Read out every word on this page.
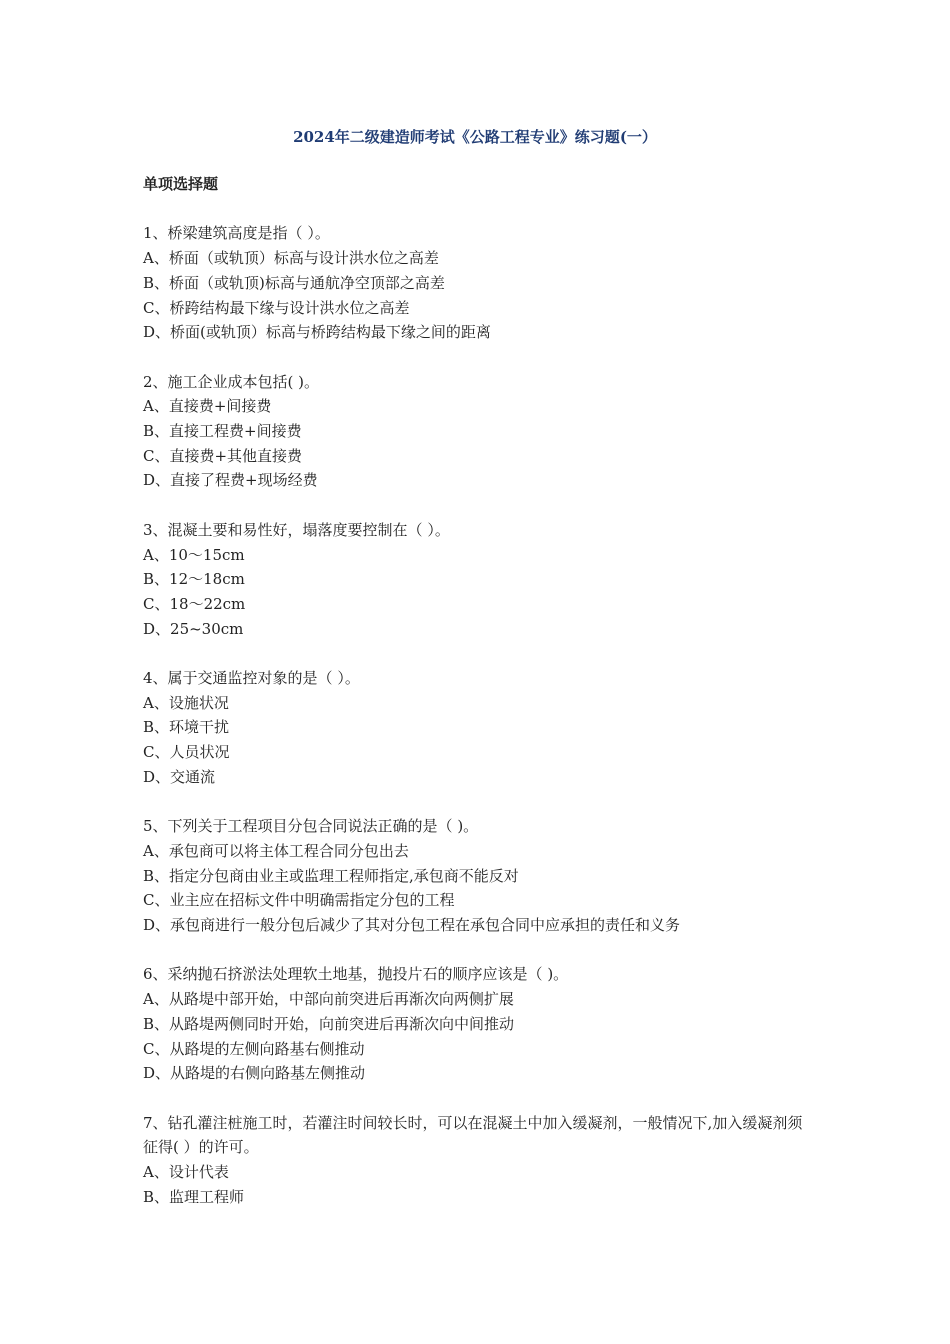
2024年二级建造师考试《公路工程专业》练习题(一）
单项选择题
1、桥梁建筑高度是指（ ）。
A、桥面（或轨顶）标高与设计洪水位之高差
B、桥面（或轨顶)标高与通航净空顶部之高差
C、桥跨结构最下缘与设计洪水位之高差
D、桥面(或轨顶）标高与桥跨结构最下缘之间的距离
2、施工企业成本包括( )。
A、直接费+间接费
B、直接工程费+间接费
C、直接费+其他直接费
D、直接了程费+现场经费
3、混凝土要和易性好，塌落度要控制在（ ）。
A、10～15cm
B、12～18cm
C、18～22cm
D、25~30cm
4、属于交通监控对象的是（ ）。
A、设施状况
B、环境干扰
C、人员状况
D、交通流
5、下列关于工程项目分包合同说法正确的是（ )。
A、承包商可以将主体工程合同分包出去
B、指定分包商由业主或监理工程师指定,承包商不能反对
C、业主应在招标文件中明确需指定分包的工程
D、承包商进行一般分包后减少了其对分包工程在承包合同中应承担的责任和义务
6、采纳抛石挤淤法处理软土地基，抛投片石的顺序应该是（ )。
A、从路堤中部开始，中部向前突进后再渐次向两侧扩展
B、从路堤两侧同时开始，向前突进后再渐次向中间推动
C、从路堤的左侧向路基右侧推动
D、从路堤的右侧向路基左侧推动
7、钻孔灌注桩施工时，若灌注时间较长时，可以在混凝土中加入缓凝剂，一般情况下,加入缓凝剂须征得( ）的许可。
A、设计代表
B、监理工程师
